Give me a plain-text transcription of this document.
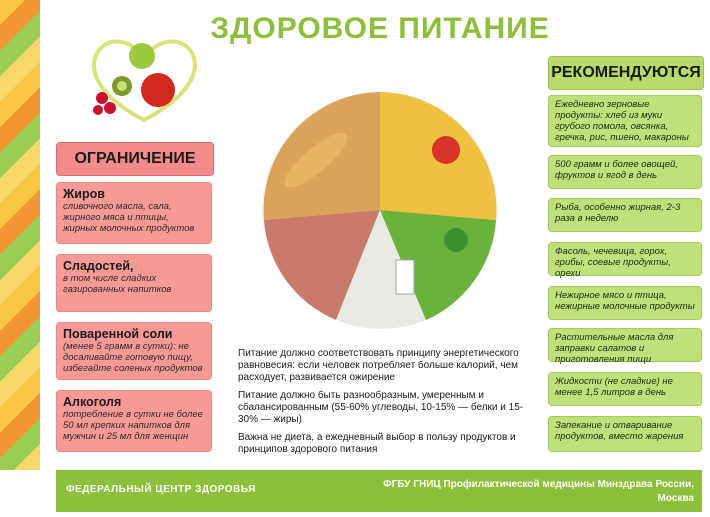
ЗДОРОВОЕ ПИТАНИЕ
ОГРАНИЧЕНИЕ
Жиров
сливочного масла, сала, жирного мяса и птицы, жирных молочных продуктов
Сладостей,
в том числе сладких газированных напитков
Поваренной соли
(менее 5 грамм в сутки): не досаливайте готовую пищу, избегайте соленых продуктов
Алкоголя
потребление в сутки не более 50 мл крепких напитков для мужчин и 25 мл для женщин

Питание должно соответствовать принципу энергетического равновесия: если человек потребляет больше калорий, чем расходует, развивается ожирение

Питание должно быть разнообразным, умеренным и сбалансированным (55-60% углеводы, 10-15% — белки и 15-30% — жиры)

Важна не диета, а ежедневный выбор в пользу продуктов и принципов здорового питания

РЕКОМЕНДУЮТСЯ
Ежедневно зерновые продукты: хлеб из муки грубого помола, овсянка, гречка, рис, пшено, макароны
500 грамм и более овощей, фруктов и ягод в день
Рыба, особенно жирная, 2-3 раза в неделю
Фасоль, чечевица, горох, грибы, соевые продукты, орехи
Нежирное мясо и птица, нежирные молочные продукты
Растительные масла для заправки салатов и приготовления пищи
Жидкости (не сладкие) не менее 1,5 литров в день
Запекание и отваривание продуктов, вместо жарения
ФЕДЕРАЛЬНЫЙ ЦЕНТР ЗДОРОВЬЯ	ФГБУ ГНИЦ Профилактической медицины Минздрава России, Москва
